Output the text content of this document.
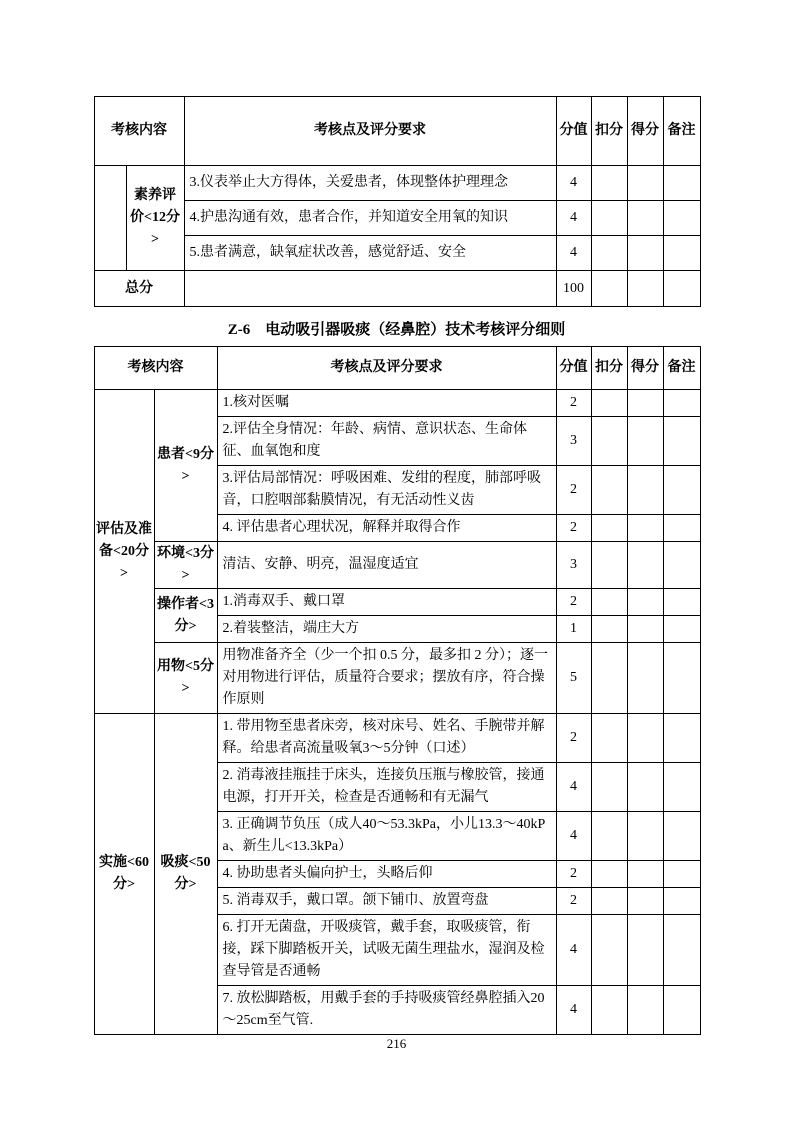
考核内容		考核点及评分要求	分值	扣分	得分	备注
	素养评价<12分>	3.仪表举止大方得体，关爱患者，体现整体护理理念	4			
		4.护患沟通有效，患者合作，并知道安全用氧的知识	4			
		5.患者满意，缺氧症状改善，感觉舒适、安全	4			
总分			100			
Z-6　电动吸引器吸痰（经鼻腔）技术考核评分细则
考核内容		考核点及评分要求	分值	扣分	得分	备注
评估及准备<20分>	患者<9分>	1.核对医嘱	2			
		2.评估全身情况：年龄、病情、意识状态、生命体征、血氧饱和度	3			
		3.评估局部情况：呼吸困难、发绀的程度，肺部呼吸音，口腔咽部黏膜情况，有无活动性义齿	2			
		4. 评估患者心理状况，解释并取得合作	2			
	环境<3分>	清洁、安静、明亮，温湿度适宜	3			
	操作者<3分>	1.消毒双手、戴口罩	2			
		2.着装整洁，端庄大方	1			
	用物<5分>	用物准备齐全（少一个扣 0.5 分，最多扣 2 分）；逐一对用物进行评估，质量符合要求；摆放有序，符合操作原则	5			
实施<60分>	吸痰<50分>	1. 带用物至患者床旁，核对床号、姓名、手腕带并解释。给患者高流量吸氧3～5分钟（口述）	2			
		2. 消毒液挂瓶挂于床头，连接负压瓶与橡胶管，接通电源，打开开关，检查是否通畅和有无漏气	4			
		3. 正确调节负压（成人40～53.3kPa，小儿13.3～40kPa、新生儿<13.3kPa）	4			
		4. 协助患者头偏向护士，头略后仰	2			
		5. 消毒双手，戴口罩。颌下铺巾、放置弯盘	2			
		6. 打开无菌盘，开吸痰管，戴手套，取吸痰管，衔接，踩下脚踏板开关，试吸无菌生理盐水，湿润及检查导管是否通畅	4			
		7. 放松脚踏板，用戴手套的手持吸痰管经鼻腔插入20～25cm至气管.	4			
216
